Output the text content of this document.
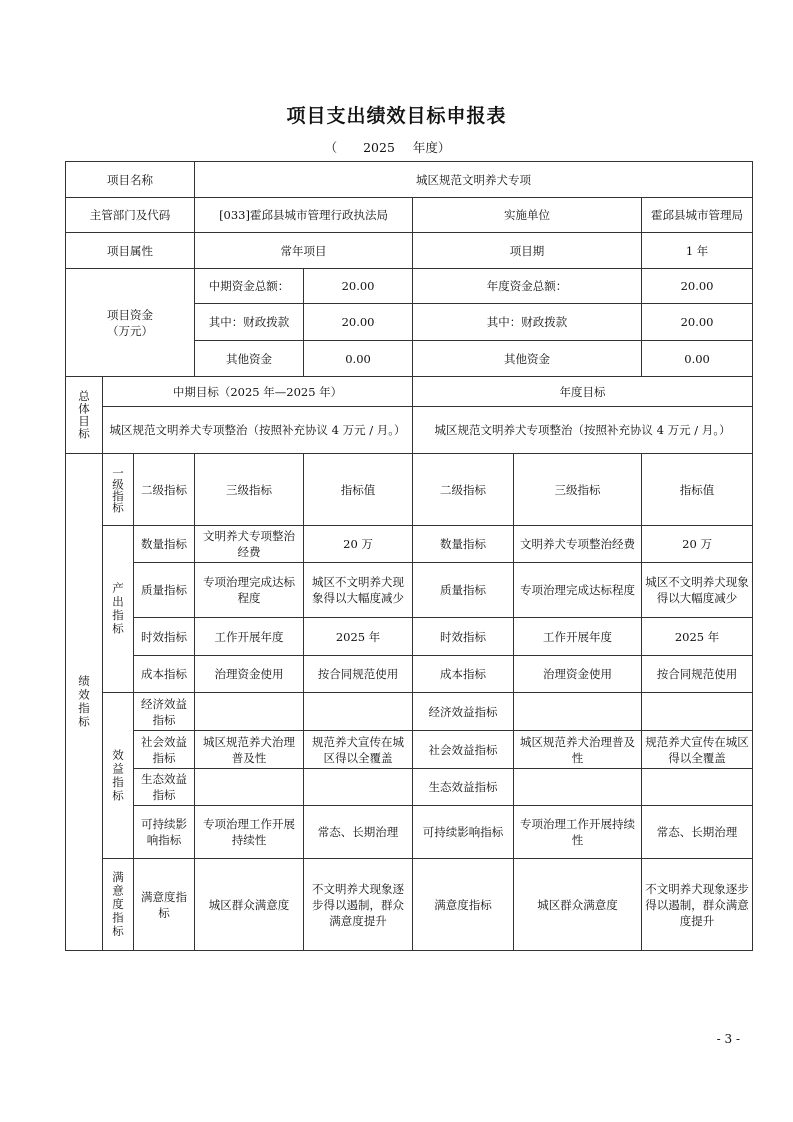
项目支出绩效目标申报表
（ 2025 年度）
项目名称			城区规范文明养犬专项				
主管部门及代码			[033]霍邱县城市管理行政执法局		实施单位		霍邱县城市管理局
项目属性			常年项目		项目期		1 年

项目资金
（万元）			中期资金总额：	20.00	年度资金总额：		20.00
			其中：财政拨款	20.00	其中：财政拨款		20.00
			其他资金	0.00	其他资金		0.00
总体目标	中期目标（2025 年—2025 年）				年度目标		
	城区规范文明养犬专项整治（按照补充协议 4 万元 / 月。）				城区规范文明养犬专项整治（按照补充协议 4 万元 / 月。）		
绩效指标	一级指标	二级指标	三级指标	指标值	二级指标	三级指标	指标值
	产出指标	数量指标	文明养犬专项整治经费	20 万	数量指标	文明养犬专项整治经费	20 万
		质量指标	专项治理完成达标程度	城区不文明养犬现象得以大幅度减少	质量指标	专项治理完成达标程度	城区不文明养犬现象得以大幅度减少
		时效指标	工作开展年度	2025 年	时效指标	工作开展年度	2025 年
		成本指标	治理资金使用	按合同规范使用	成本指标	治理资金使用	按合同规范使用
	效益指标	经济效益指标			经济效益指标		
		社会效益指标	城区规范养犬治理普及性	规范养犬宣传在城区得以全覆盖	社会效益指标	城区规范养犬治理普及性	规范养犬宣传在城区得以全覆盖
		生态效益指标			生态效益指标		
		可持续影响指标	专项治理工作开展持续性	常态、长期治理	可持续影响指标	专项治理工作开展持续性	常态、长期治理
	满意度指标	满意度指标	城区群众满意度	不文明养犬现象逐步得以遏制，群众满意度提升	满意度指标	城区群众满意度	不文明养犬现象逐步得以遏制，群众满意度提升
- 3 -
